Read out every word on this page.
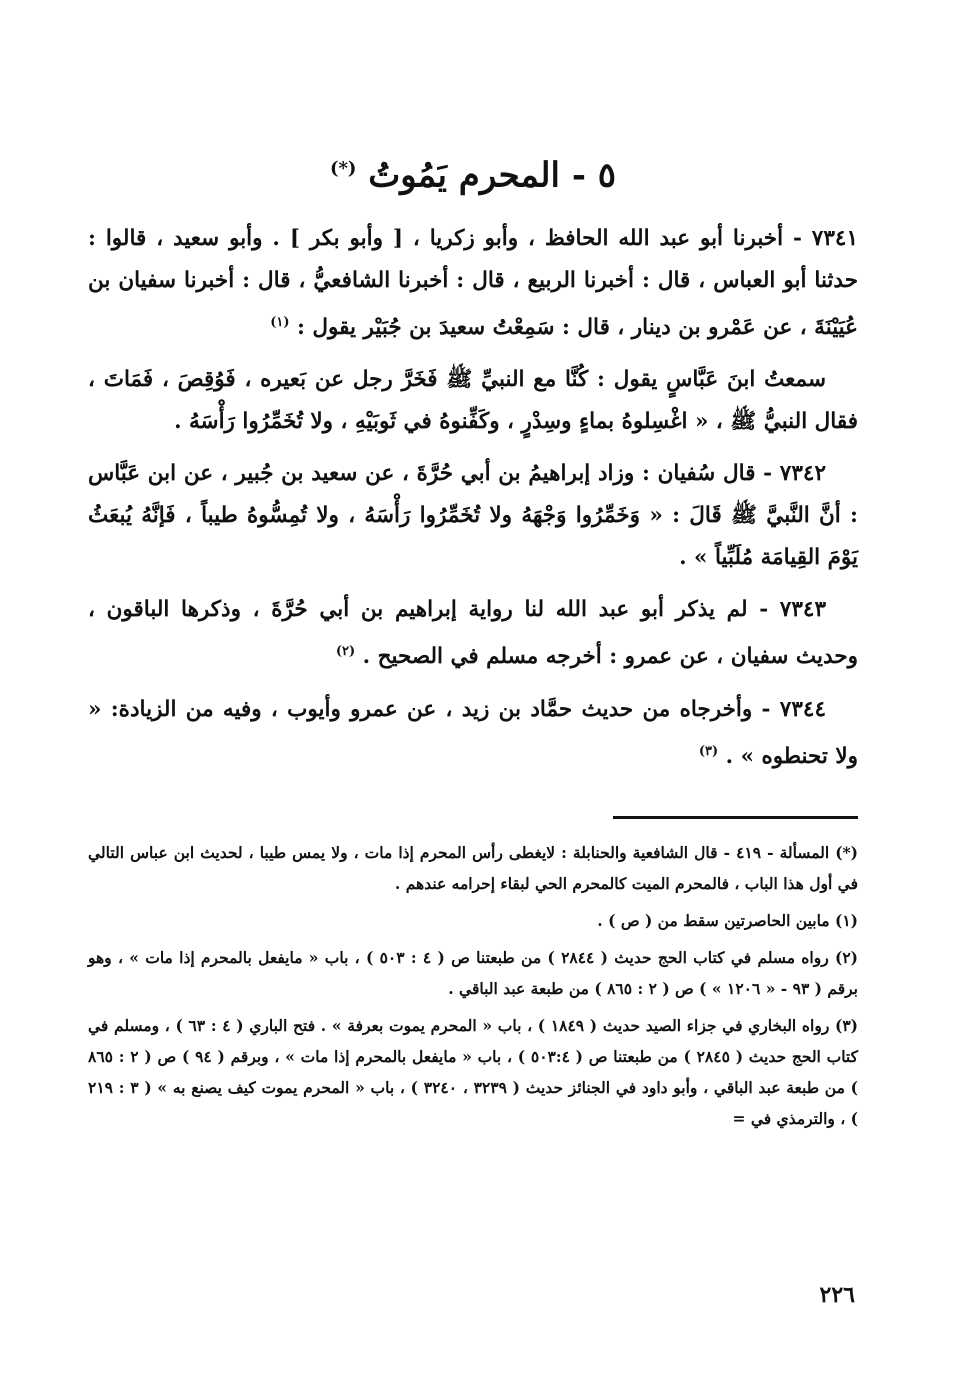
٥ - المحرم يَمُوتُ (*)

٧٣٤١ - أخبرنا أبو عبد الله الحافظ ، وأبو زكريا ، [ وأبو بكر ] . وأبو سعيد ، قالوا : حدثنا أبو العباس ، قال : أخبرنا الربيع ، قال : أخبرنا الشافعيُّ ، قال : أخبرنا سفيان بن عُيَيْنَةَ ، عن عَمْرو بن دينار ، قال : سَمِعْتُ سعيدَ بن جُبَيْر يقول : $^{(١)}$

سمعتُ ابنَ عَبَّاسٍ يقول : كُنَّا مع النبيِّ ﷺ فَخَرَّ رجل عن بَعيره ، فَوُقِصَ ، فَمَاتَ ، فقال النبيُّ ﷺ ، « اغْسِلوهُ بماءٍ وسِدْرٍ ، وكَفِّنوهُ في ثَوبَيْهِ ، ولا تُخَمِّرُوا رَأْسَهُ .

٧٣٤٢ - قال سُفيان : وزاد إبراهيمُ بن أبي حُرَّةَ ، عن سعيد بن جُبير ، عن ابن عَبَّاس : أنَّ النَّبيَّ ﷺ قَالَ : « وَخَمِّرُوا وَجْهَهُ ولا تُخَمِّرُوا رَأْسَهُ ، ولا تُمِسُّوهُ طيباً ، فَإنَّهُ يُبعَثُ يَوْمَ القِيامَة مُلَبِّياً » .

٧٣٤٣ - لم يذكر أبو عبد الله لنا رواية إبراهيم بن أبي حُرَّةَ ، وذكرها الباقون ، وحديث سفيان ، عن عمرو : أخرجه مسلم في الصحيح . $^{(٢)}$

٧٣٤٤ - وأخرجاه من حديث حمَّاد بن زيد ، عن عمرو وأيوب ، وفيه من الزيادة: « ولا تحنطوه » . $^{(٣)}$

(*) المسألة - ٤١٩ - قال الشافعية والحنابلة : لايغطى رأس المحرم إذا مات ، ولا يمس طيبا ، لحديث ابن عباس التالي في أول هذا الباب ، فالمحرم الميت كالمحرم الحي لبقاء إحرامه عندهم .

(١) مابين الحاصرتين سقط من ( ص ) .

(٢) رواه مسلم في كتاب الحج حديث ( ٢٨٤٤ ) من طبعتنا ص ( ٤ : ٥٠٣ ) ، باب « مايفعل بالمحرم إذا مات » ، وهو برقم ( ٩٣ - « ١٢٠٦ » ) ص ( ٢ : ٨٦٥ ) من طبعة عبد الباقي .

(٣) رواه البخاري في جزاء الصيد حديث ( ١٨٤٩ ) ، باب « المحرم يموت بعرفة » . فتح الباري ( ٤ : ٦٣ ) ، ومسلم في كتاب الحج حديث ( ٢٨٤٥ ) من طبعتنا ص ( ٥٠٣:٤ ) ، باب « مايفعل بالمحرم إذا مات » ، وبرقم ( ٩٤ ) ص ( ٢ : ٨٦٥ ) من طبعة عبد الباقي ، وأبو داود في الجنائز حديث ( ٣٢٣٩ ، ٣٢٤٠ ) ، باب « المحرم يموت كيف يصنع به » ( ٣ : ٢١٩ ) ، والترمذي في =

٢٢٦
